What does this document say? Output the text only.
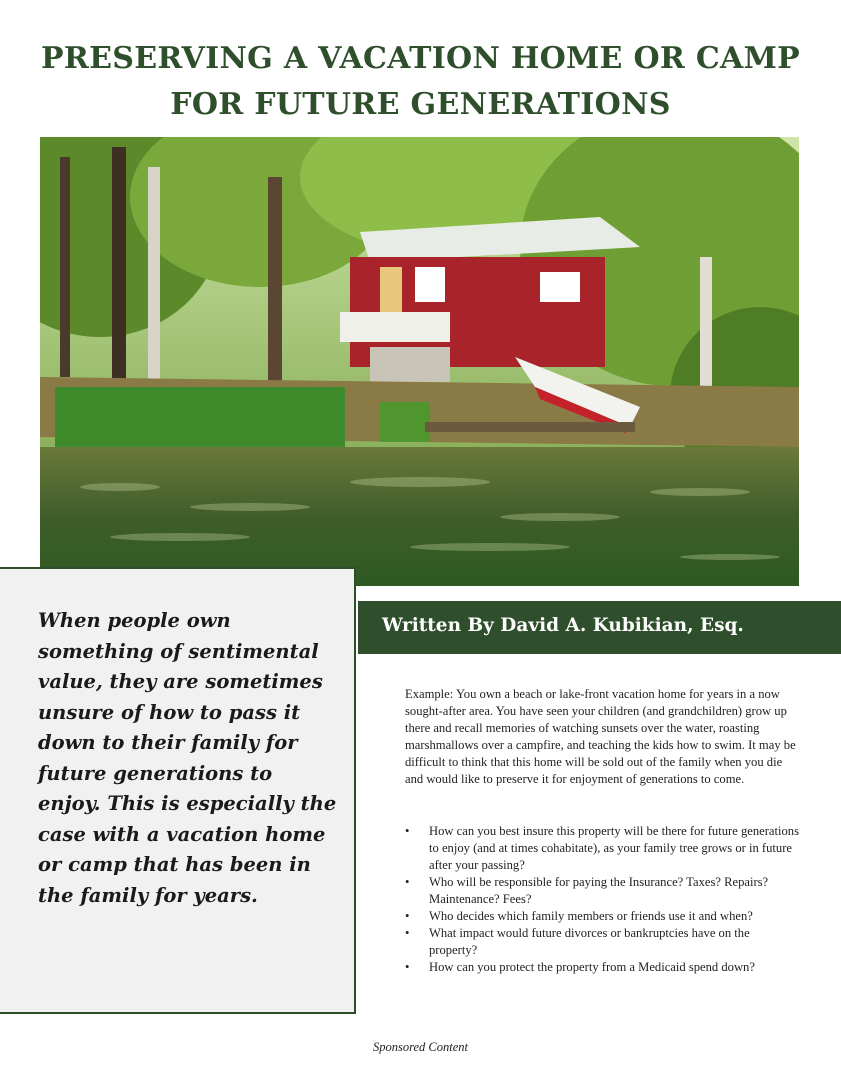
PRESERVING A VACATION HOME OR CAMP
FOR FUTURE GENERATIONS

When people own something of sentimental value, they are sometimes unsure of how to pass it down to their family for future generations to enjoy. This is especially the case with a vacation home or camp that has been in the family for years.

Written By David A. Kubikian, Esq.

Example: You own a beach or lake-front vacation home for years in a now sought-after area. You have seen your children (and grandchildren) grow up there and recall memories of watching sunsets over the water, roasting marshmallows over a campfire, and teaching the kids how to swim. It may be difficult to think that this home will be sold out of the family when you die and would like to preserve it for enjoyment of generations to come.

• How can you best insure this property will be there for future generations to enjoy (and at times cohabitate), as your family tree grows or in future after your passing?
• Who will be responsible for paying the Insurance? Taxes? Repairs? Maintenance? Fees?
• Who decides which family members or friends use it and when?
• What impact would future divorces or bankruptcies have on the property?
• How can you protect the property from a Medicaid spend down?

Sponsored Content
